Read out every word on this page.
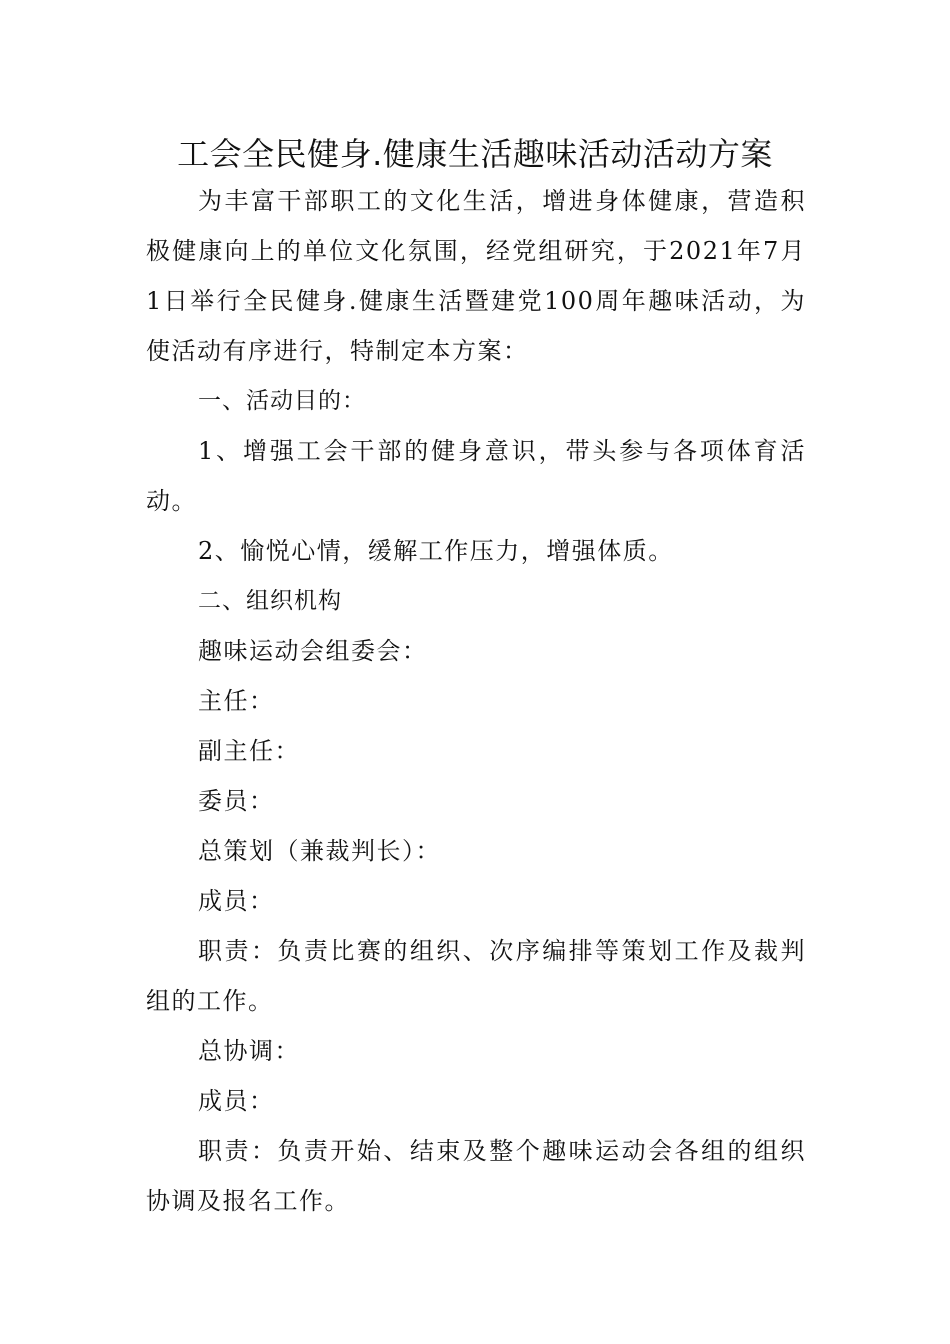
工会全民健身.健康生活趣味活动活动方案

为丰富干部职工的文化生活，增进身体健康，营造积极健康向上的单位文化氛围，经党组研究，于2021年7月1日举行全民健身.健康生活暨建党100周年趣味活动，为使活动有序进行，特制定本方案：

一、活动目的：

1、增强工会干部的健身意识，带头参与各项体育活动。

2、愉悦心情，缓解工作压力，增强体质。

二、组织机构

趣味运动会组委会：

主任：

副主任：

委员：

总策划（兼裁判长）：

成员：

职责：负责比赛的组织、次序编排等策划工作及裁判组的工作。

总协调：

成员：

职责：负责开始、结束及整个趣味运动会各组的组织协调及报名工作。
